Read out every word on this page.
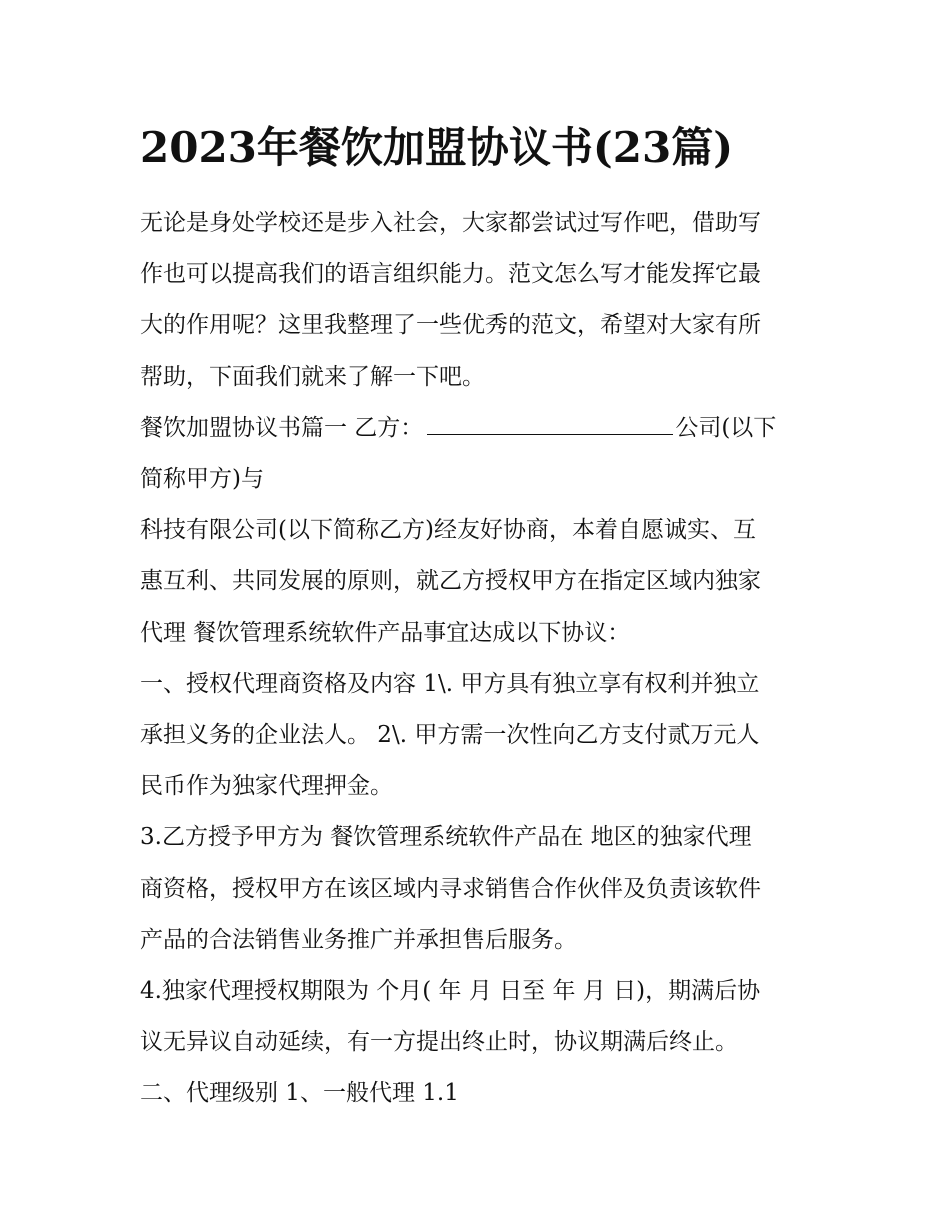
2023年餐饮加盟协议书(23篇)

无论是身处学校还是步入社会，大家都尝试过写作吧，借助写
作也可以提高我们的语言组织能力。范文怎么写才能发挥它最
大的作用呢？这里我整理了一些优秀的范文，希望对大家有所
帮助，下面我们就来了解一下吧。

餐饮加盟协议书篇一 乙方：	公司(以下
简称甲方)与

科技有限公司(以下简称乙方)经友好协商，本着自愿诚实、互
惠互利、共同发展的原则，就乙方授权甲方在指定区域内独家
代理 餐饮管理系统软件产品事宜达成以下协议：

一、授权代理商资格及内容 1\. 甲方具有独立享有权利并独立
承担义务的企业法人。 2\. 甲方需一次性向乙方支付贰万元人
民币作为独家代理押金。

3.乙方授予甲方为 餐饮管理系统软件产品在 地区的独家代理
商资格，授权甲方在该区域内寻求销售合作伙伴及负责该软件
产品的合法销售业务推广并承担售后服务。

4.独家代理授权期限为 个月( 年 月 日至 年 月 日)，期满后协
议无异议自动延续，有一方提出终止时，协议期满后终止。

二、代理级别 1、一般代理 1.1
